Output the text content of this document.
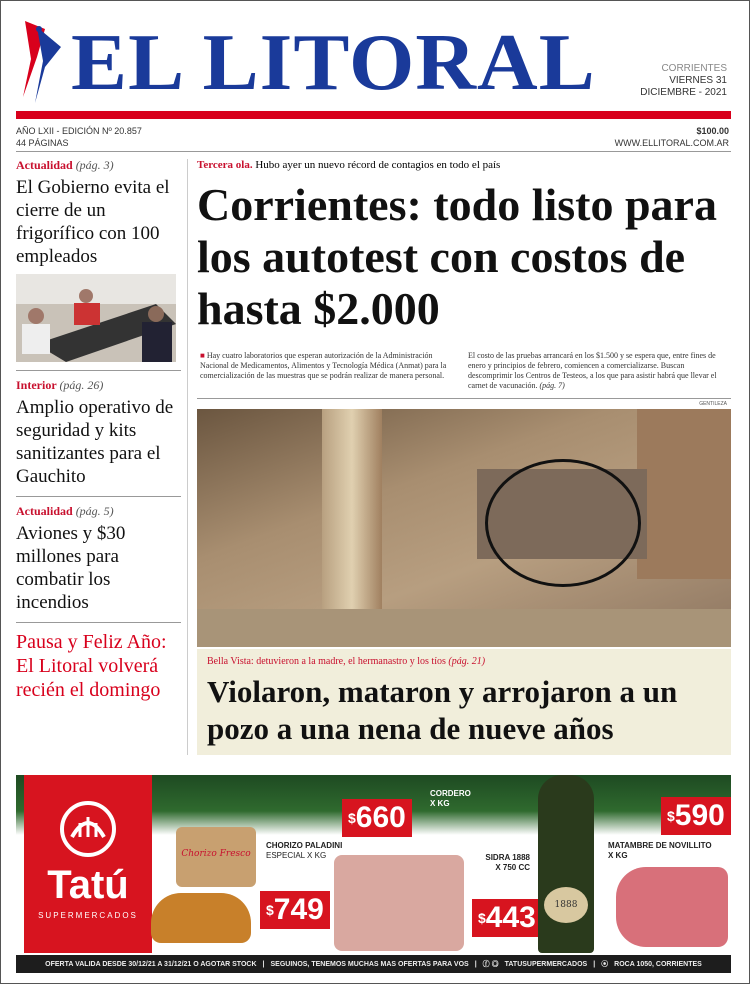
EL LITORAL	CORRIENTES
VIERNES 31
DICIEMBRE - 2021
AÑO LXII - EDICIÓN Nº 20.857
44 PÁGINAS
$100.00
WWW.ELLITORAL.COM.AR
Actualidad (pág. 3)
El Gobierno evita el cierre de un frigorífico con 100 empleados
Interior (pág. 26)
Amplio operativo de seguridad y kits sanitizantes para el Gauchito
Actualidad (pág. 5)
Aviones y $30 millones para combatir los incendios
Pausa y Feliz Año: El Litoral volverá recién el domingo
Tercera ola. Hubo ayer un nuevo récord de contagios en todo el país
Corrientes: todo listo para los autotest con costos de hasta $2.000
■ Hay cuatro laboratorios que esperan autorización de la Administración Nacional de Medicamentos, Alimentos y Tecnología Médica (Anmat) para la comercialización de las muestras que se podrán realizar de manera personal.
El costo de las pruebas arrancará en los $1.500 y se espera que, entre fines de enero y principios de febrero, comiencen a comercializarse. Buscan descomprimir los Centros de Testeos, a los que para asistir habrá que llevar el carnet de vacunación. (pág. 7)
GENTILEZA
Bella Vista: detuvieron a la madre, el hermanastro y los tíos (pág. 21)
Violaron, mataron y arrojaron a un pozo a una nena de nueve años
Tatú
SUPERMERCADOS
Chorizo Fresco
CHORIZO PALADINI
ESPECIAL X KG
$749
$660
CORDERO
X KG
SIDRA 1888
X 750 CC
$443	1888
MATAMBRE DE NOVILLITO
X KG
$590
OFERTA VALIDA DESDE 30/12/21 A 31/12/21 O AGOTAR STOCK | SEGUINOS, TENEMOS MUCHAS MAS OFERTAS PARA VOS | ⓕ ◎ TATUSUPERMERCADOS | ⦿ ROCA 1050, CORRIENTES
